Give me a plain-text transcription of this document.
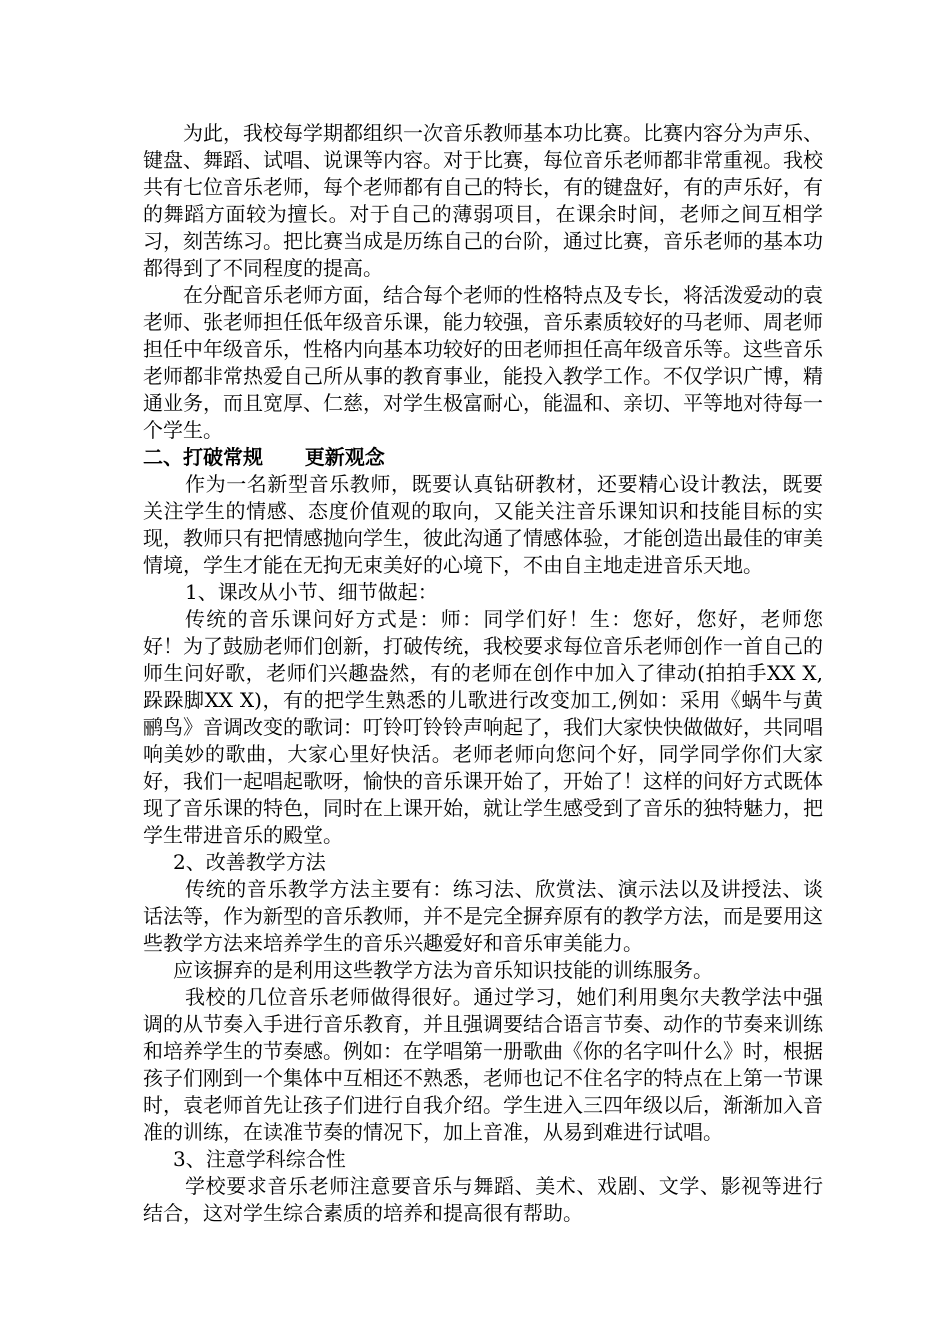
为此，我校每学期都组织一次音乐教师基本功比赛。比赛内容分为声乐、键盘、舞蹈、试唱、说课等内容。对于比赛，每位音乐老师都非常重视。我校共有七位音乐老师，每个老师都有自己的特长，有的键盘好，有的声乐好，有的舞蹈方面较为擅长。对于自己的薄弱项目，在课余时间，老师之间互相学习，刻苦练习。把比赛当成是历练自己的台阶，通过比赛，音乐老师的基本功都得到了不同程度的提高。

在分配音乐老师方面，结合每个老师的性格特点及专长，将活泼爱动的袁老师、张老师担任低年级音乐课，能力较强，音乐素质较好的马老师、周老师担任中年级音乐，性格内向基本功较好的田老师担任高年级音乐等。这些音乐老师都非常热爱自己所从事的教育事业，能投入教学工作。不仅学识广博，精通业务，而且宽厚、仁慈，对学生极富耐心，能温和、亲切、平等地对待每一个学生。

二、打破常规      更新观念

作为一名新型音乐教师，既要认真钻研教材，还要精心设计教法，既要关注学生的情感、态度价值观的取向，又能关注音乐课知识和技能目标的实现，教师只有把情感抛向学生，彼此沟通了情感体验，才能创造出最佳的审美情境，学生才能在无拘无束美好的心境下，不由自主地走进音乐天地。

1、课改从小节、细节做起：

传统的音乐课问好方式是：师：同学们好！生：您好，您好，老师您好！为了鼓励老师们创新，打破传统，我校要求每位音乐老师创作一首自己的师生问好歌，老师们兴趣盎然，有的老师在创作中加入了律动(拍拍手XX X,跺跺脚XX X)，有的把学生熟悉的儿歌进行改变加工,例如：采用《蜗牛与黄鹂鸟》音调改变的歌词：叮铃叮铃铃声响起了，我们大家快快做做好，共同唱响美妙的歌曲，大家心里好快活。老师老师向您问个好，同学同学你们大家好，我们一起唱起歌呀，愉快的音乐课开始了，开始了！这样的问好方式既体现了音乐课的特色，同时在上课开始，就让学生感受到了音乐的独特魅力，把学生带进音乐的殿堂。

2、改善教学方法

传统的音乐教学方法主要有：练习法、欣赏法、演示法以及讲授法、谈话法等，作为新型的音乐教师，并不是完全摒弃原有的教学方法，而是要用这些教学方法来培养学生的音乐兴趣爱好和音乐审美能力。

应该摒弃的是利用这些教学方法为音乐知识技能的训练服务。

我校的几位音乐老师做得很好。通过学习，她们利用奥尔夫教学法中强调的从节奏入手进行音乐教育，并且强调要结合语言节奏、动作的节奏来训练和培养学生的节奏感。例如：在学唱第一册歌曲《你的名字叫什么》时，根据孩子们刚到一个集体中互相还不熟悉，老师也记不住名字的特点在上第一节课时，袁老师首先让孩子们进行自我介绍。学生进入三四年级以后，渐渐加入音准的训练，在读准节奏的情况下，加上音准，从易到难进行试唱。

3、注意学科综合性

学校要求音乐老师注意要音乐与舞蹈、美术、戏剧、文学、影视等进行结合，这对学生综合素质的培养和提高很有帮助。
